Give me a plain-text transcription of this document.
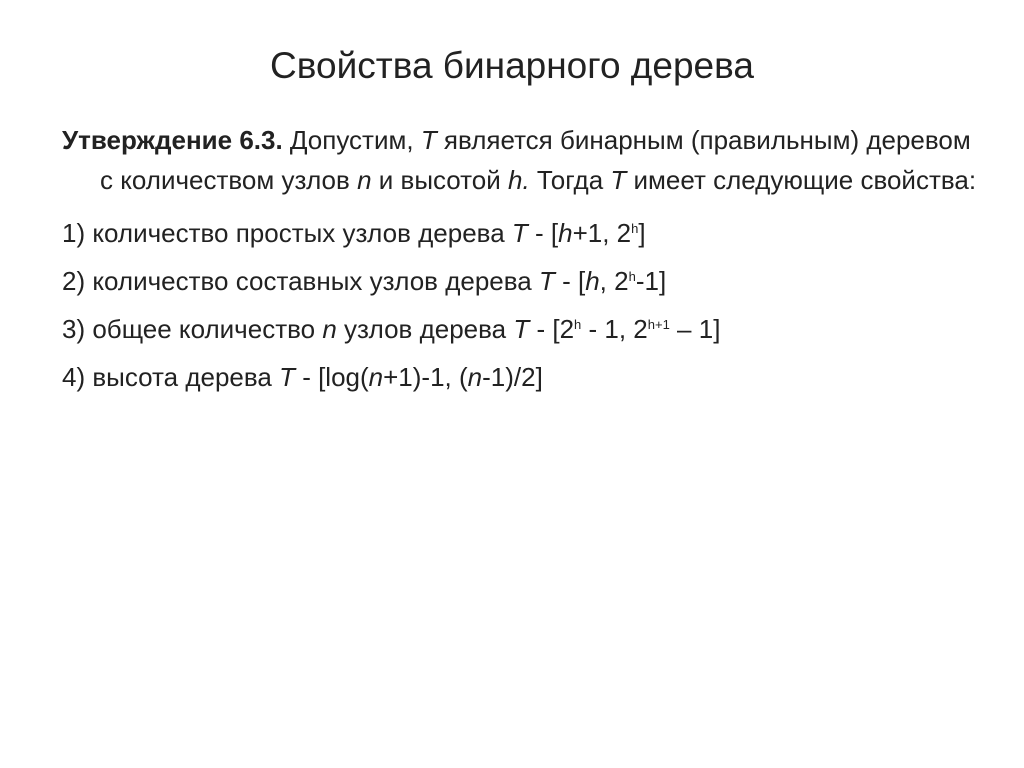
Свойства бинарного дерева
Утверждение 6.3. Допустим, T является бинарным (правильным) деревом с количеством узлов n и высотой h. Тогда T имеет следующие свойства:
1) количество простых узлов дерева T - [h+1, 2$^h$]
2) количество составных узлов дерева T - [h, 2$^h$-1]
3) общее количество n узлов дерева T - [2$^h$ - 1, $2^{h+1} - 1$]
4) высота дерева T - [log(n+1)-1, (n-1)/2]
